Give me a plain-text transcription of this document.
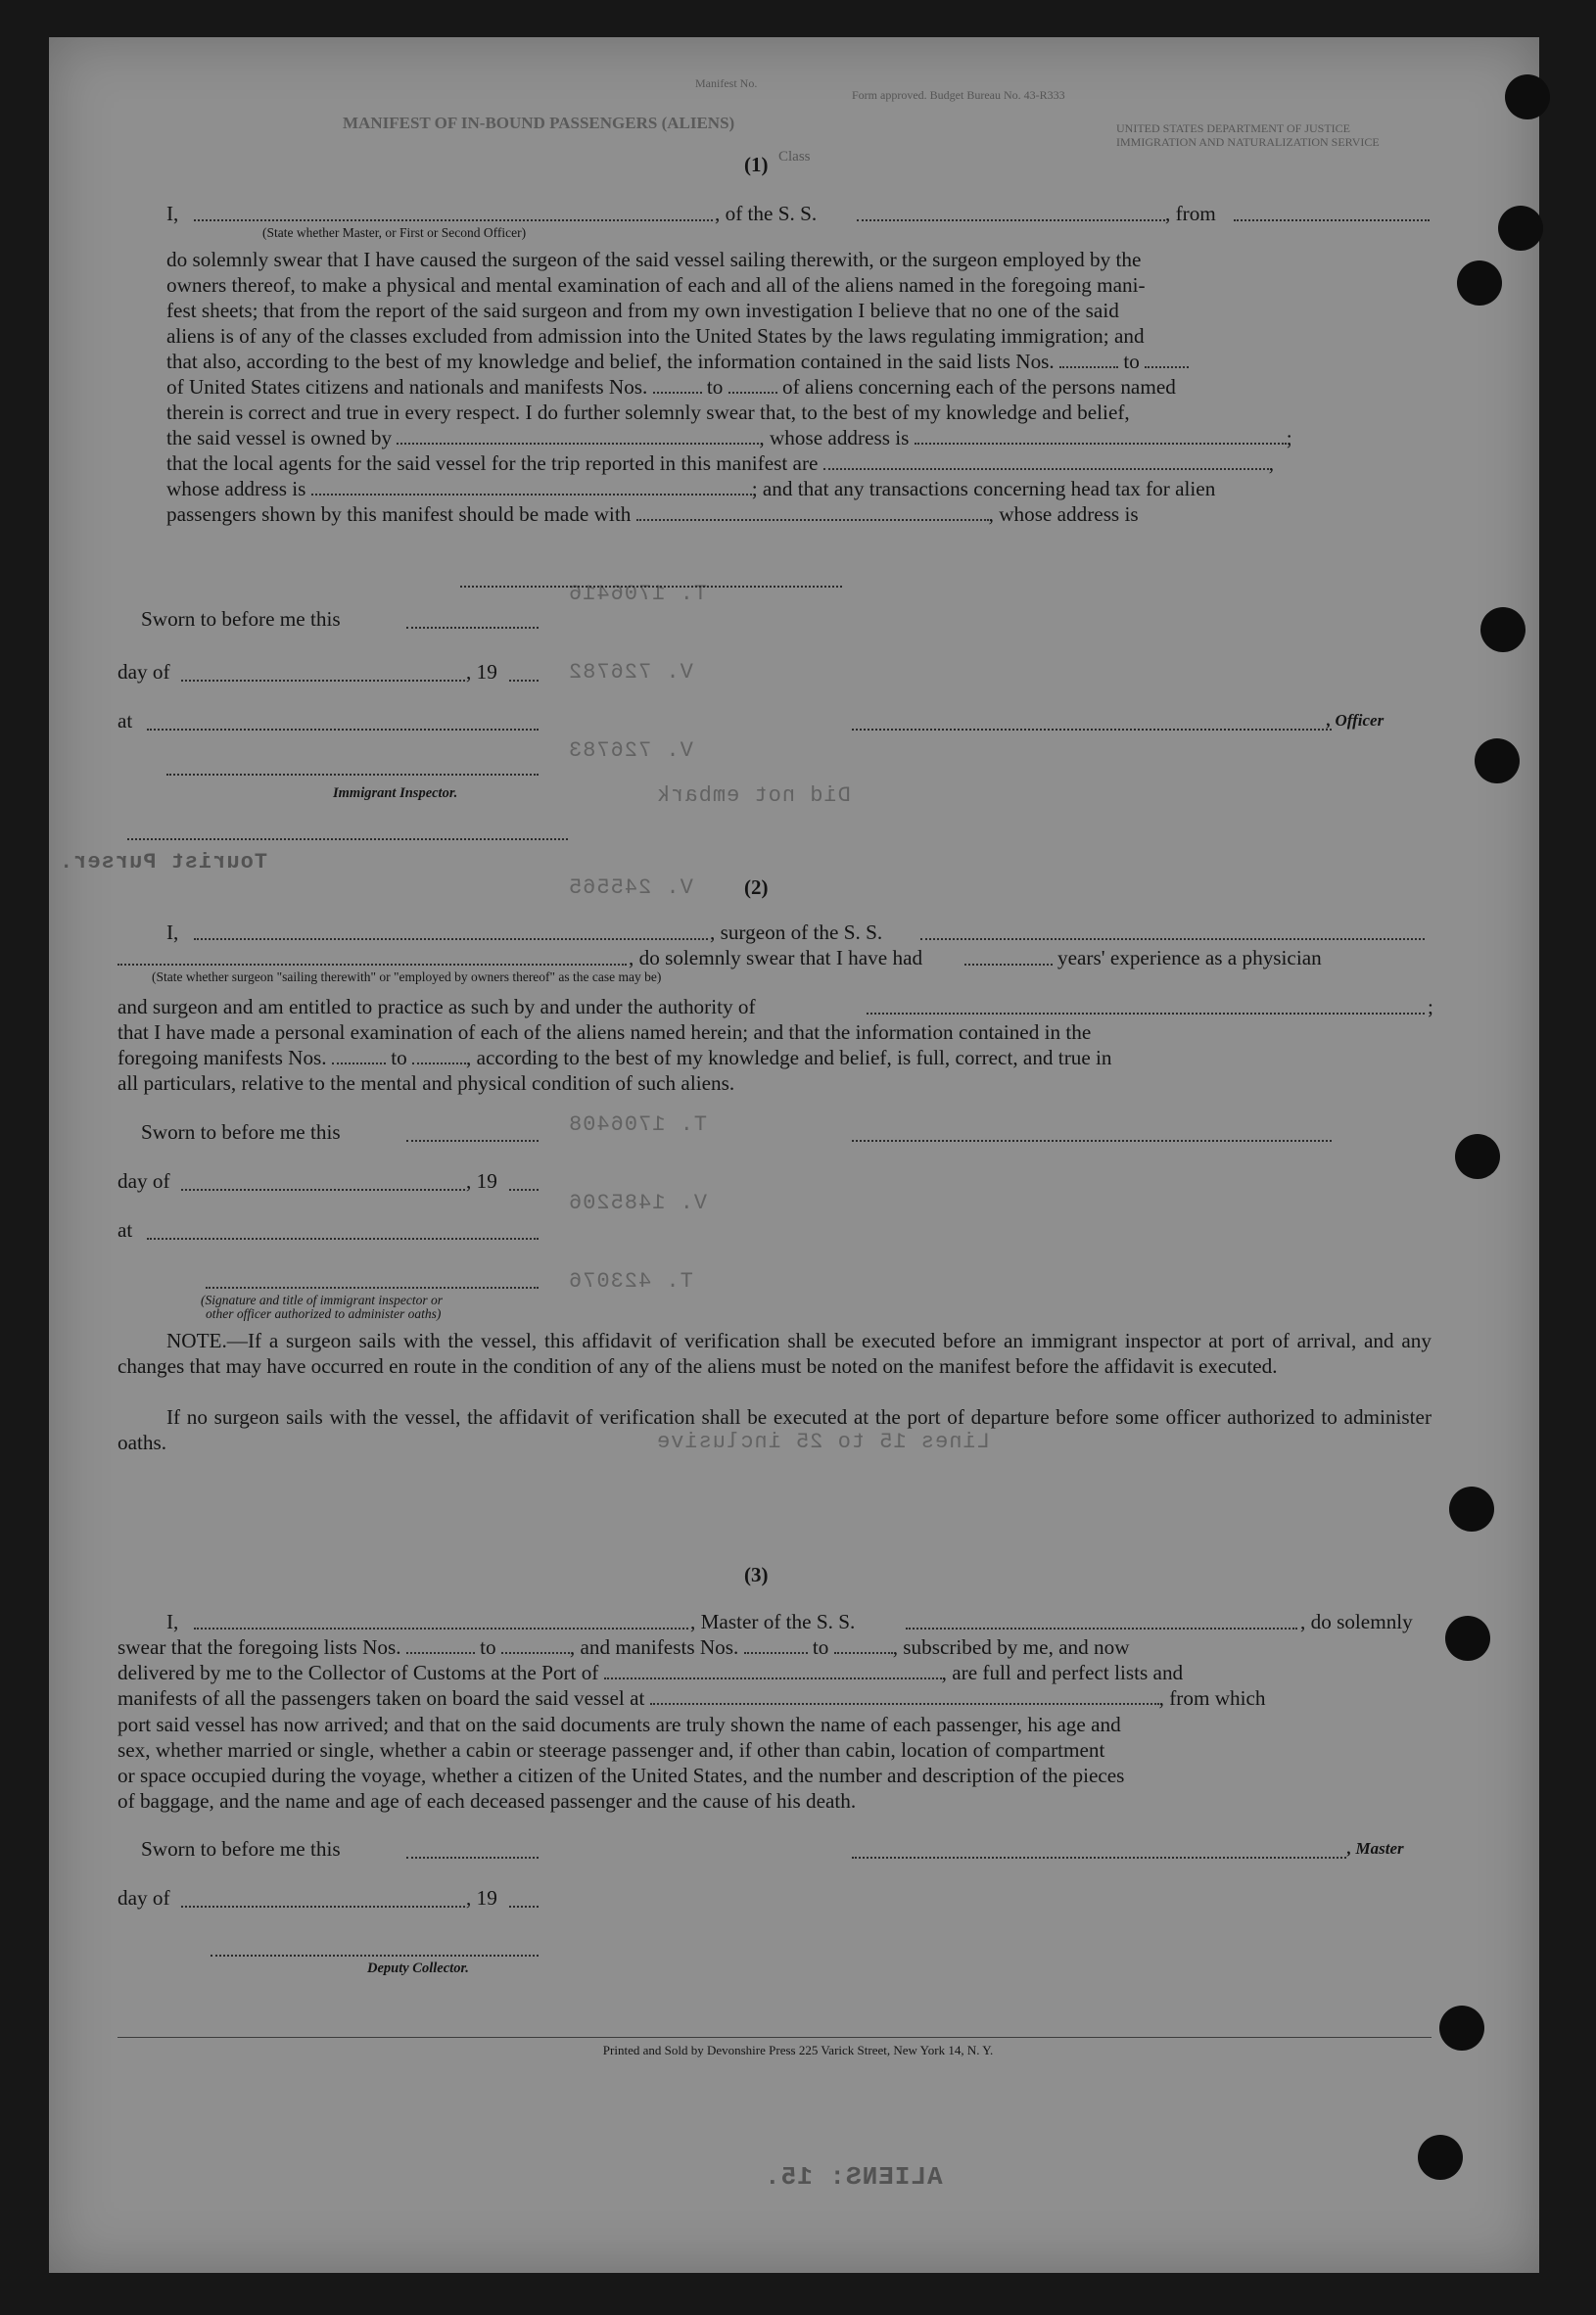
Manifest No.
Form approved. Budget Bureau No. 43-R333
UNITED STATES DEPARTMENT OF JUSTICE
IMMIGRATION AND NATURALIZATION SERVICE
MANIFEST OF IN-BOUND PASSENGERS (ALIENS)
Class
Tourist Purser.
Did not embark
T. 1706416
V. 726782
V. 726783
V. 245565
T. 1706408
V. 1485206
T. 423076
Lines 15 to 25 inclusive
ALIENS: 15.
(1)
I,	, of the S. S.	, from
(State whether Master, or First or Second Officer)
do solemnly swear that I have caused the surgeon of the said vessel sailing therewith, or the surgeon employed by the
owners thereof, to make a physical and mental examination of each and all of the aliens named in the foregoing mani-
fest sheets; that from the report of the said surgeon and from my own investigation I believe that no one of the said
aliens is of any of the classes excluded from admission into the United States by the laws regulating immigration; and
that also, according to the best of my knowledge and belief, the information contained in the said lists Nos.	to
of United States citizens and nationals and manifests Nos.	to	of aliens concerning each of the persons named
therein is correct and true in every respect. I do further solemnly swear that, to the best of my knowledge and belief,
the said vessel is owned by	, whose address is	;
that the local agents for the said vessel for the trip reported in this manifest are	,
whose address is	; and that any transactions concerning head tax for alien
passengers shown by this manifest should be made with	, whose address is
Sworn to before me this
day of	, 19
at	, Officer
Immigrant Inspector.
(2)
I,	, surgeon of the S. S.
, do solemnly swear that I have had	years' experience as a physician
(State whether surgeon "sailing therewith" or "employed by owners thereof" as the case may be)
and surgeon and am entitled to practice as such by and under the authority of	;
that I have made a personal examination of each of the aliens named herein; and that the information contained in the
foregoing manifests Nos.	to	, according to the best of my knowledge and belief, is full, correct, and true in
all particulars, relative to the mental and physical condition of such aliens.
Sworn to before me this
day of	, 19
at
(Signature and title of immigrant inspector or
other officer authorized to administer oaths)
NOTE.—If a surgeon sails with the vessel, this affidavit of verification shall be executed before an immigrant inspector at port of arrival, and any changes that may have occurred en route in the condition of any of the aliens must be noted on the manifest before the affidavit is executed.
If no surgeon sails with the vessel, the affidavit of verification shall be executed at the port of departure before some officer authorized to administer oaths.
(3)
I,	, Master of the S. S.	, do solemnly
swear that the foregoing lists Nos.	to	, and manifests Nos.	to	, subscribed by me, and now
delivered by me to the Collector of Customs at the Port of	, are full and perfect lists and
manifests of all the passengers taken on board the said vessel at	, from which
port said vessel has now arrived; and that on the said documents are truly shown the name of each passenger, his age and
sex, whether married or single, whether a cabin or steerage passenger and, if other than cabin, location of compartment
or space occupied during the voyage, whether a citizen of the United States, and the number and description of the pieces
of baggage, and the name and age of each deceased passenger and the cause of his death.
Sworn to before me this	, Master
day of	, 19
Deputy Collector.
Printed and Sold by Devonshire Press 225 Varick Street, New York 14, N. Y.
